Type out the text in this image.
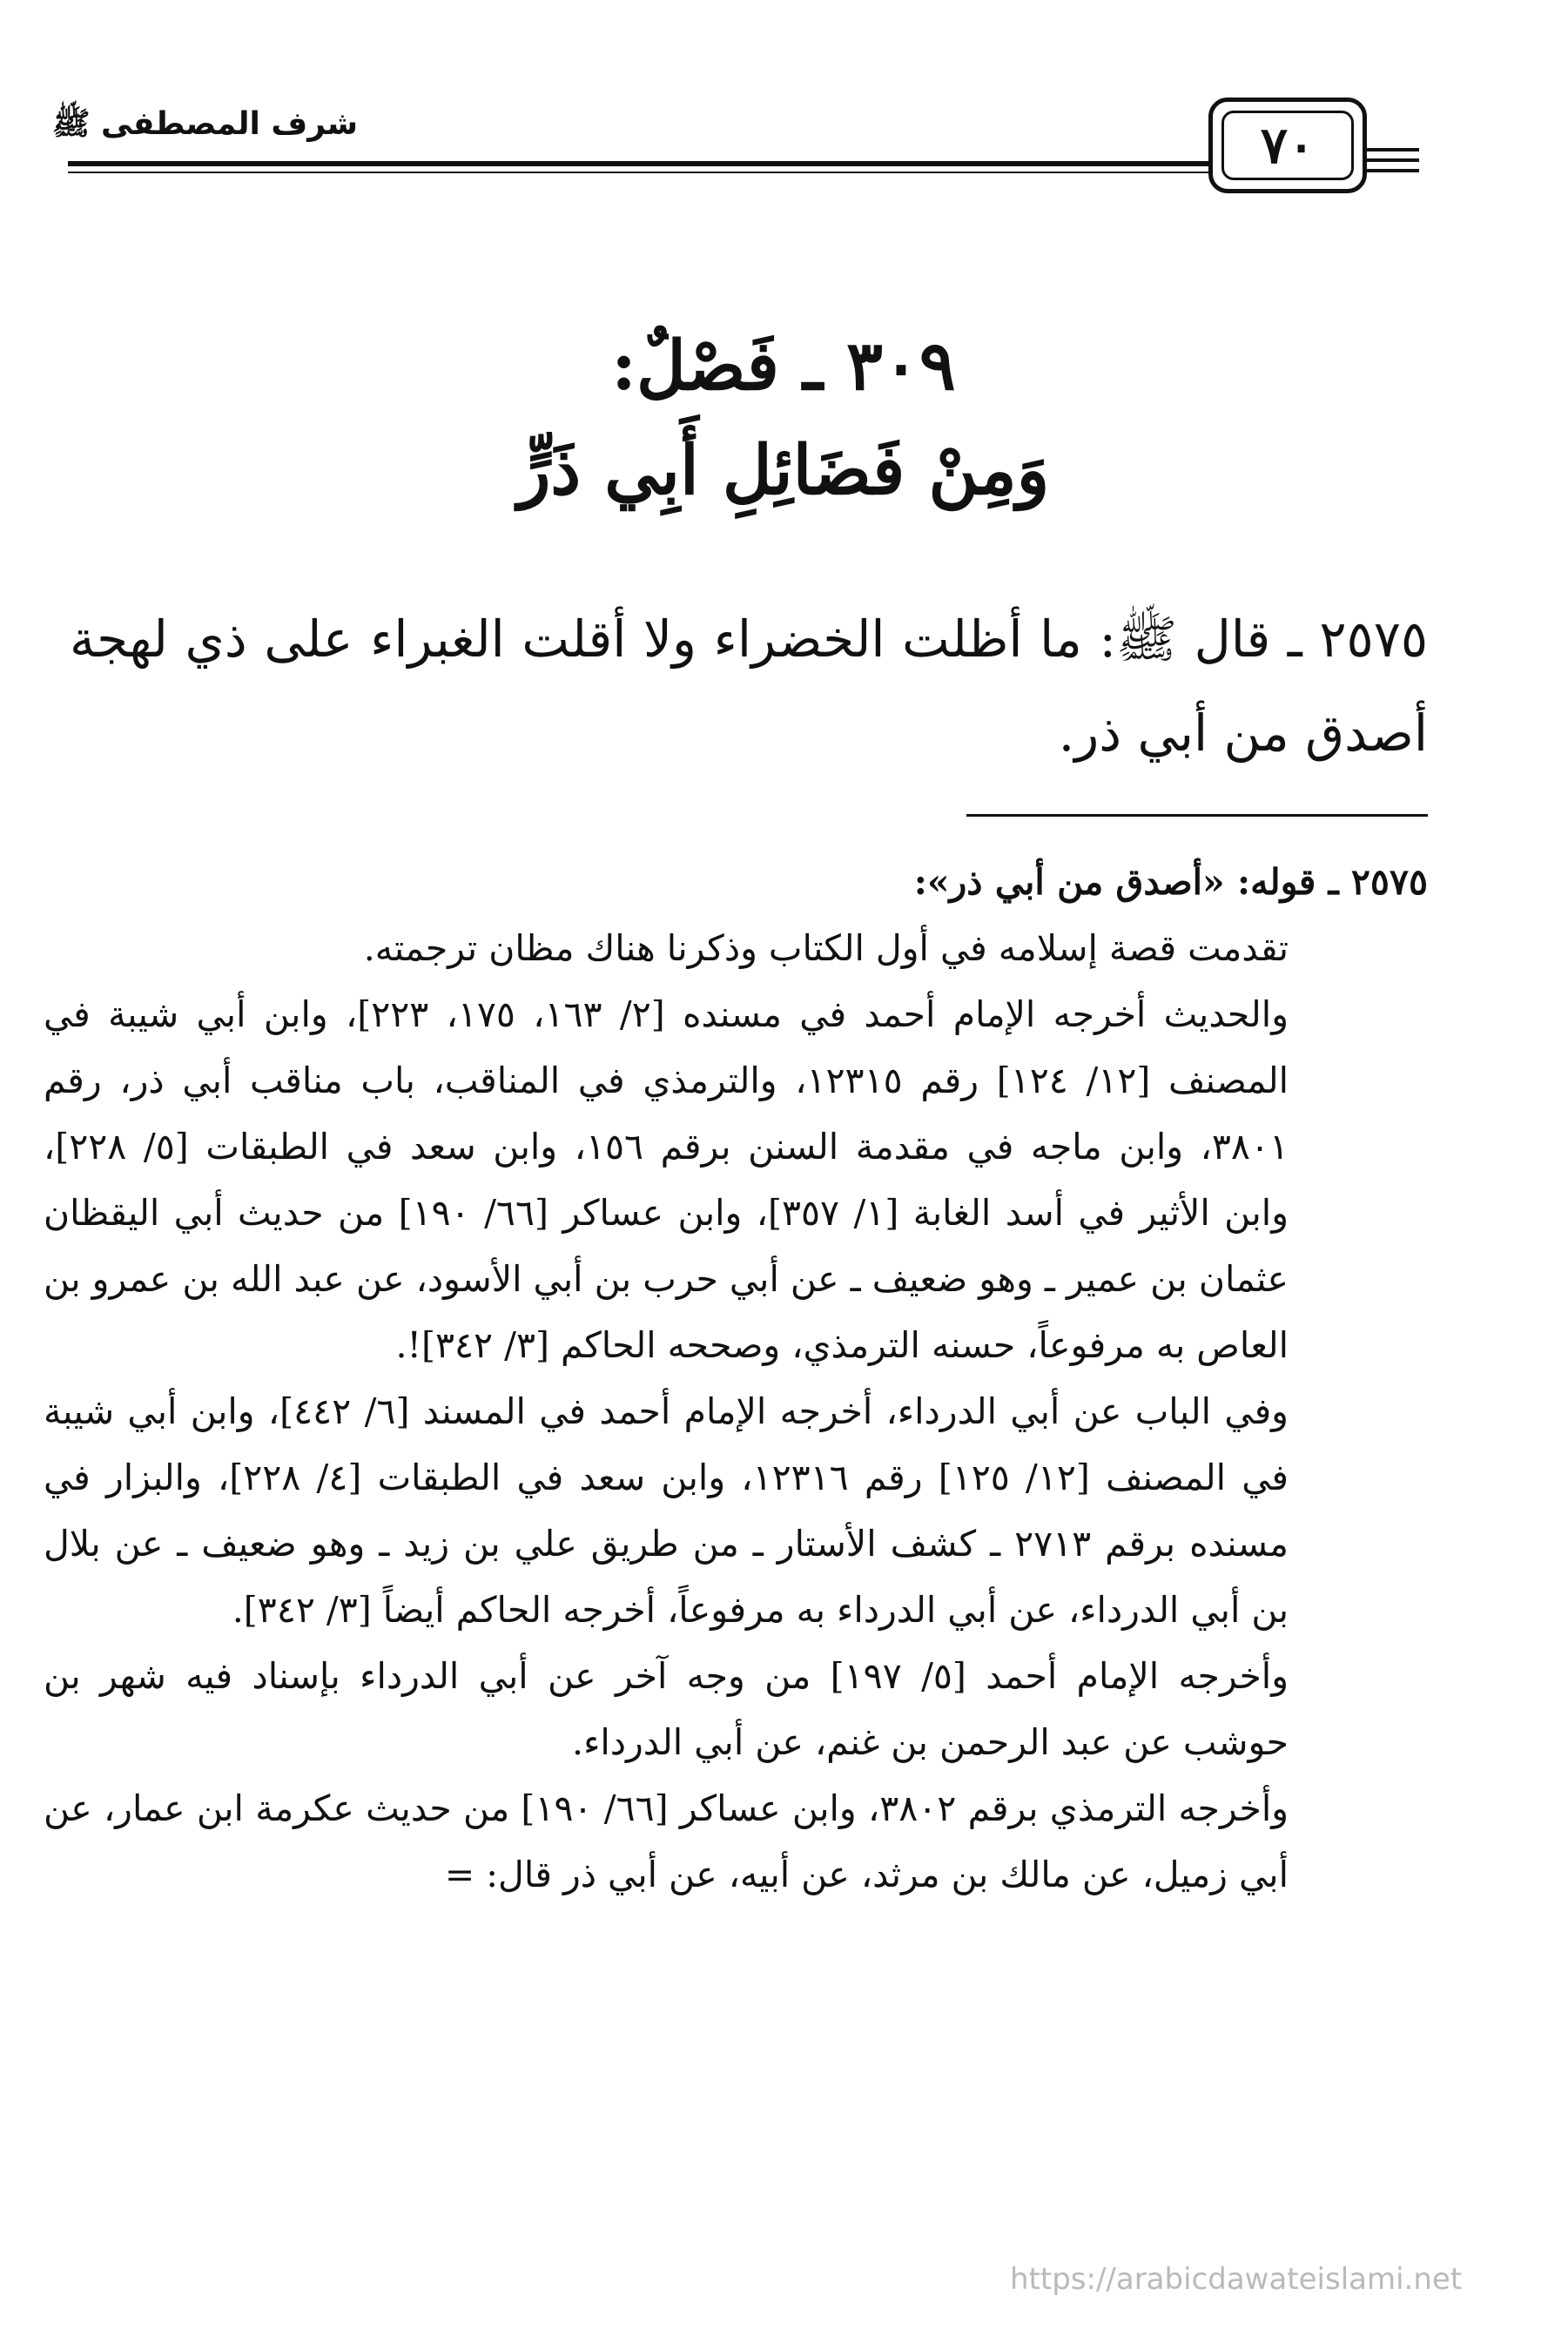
شرف المصطفى ﷺ	٧٠
٣٠٩ ـ فَصْلٌ:
وَمِنْ فَضَائِلِ أَبِي ذَرٍّ

٢٥٧٥ ـ قال ﷺ: ما أظلت الخضراء ولا أقلت الغبراء على ذي لهجة أصدق من أبي ذر.

٢٥٧٥ ـ قوله: «أصدق من أبي ذر»:

تقدمت قصة إسلامه في أول الكتاب وذكرنا هناك مظان ترجمته.

والحديث أخرجه الإمام أحمد في مسنده [٢/ ١٦٣، ١٧٥، ٢٢٣]، وابن أبي شيبة في المصنف [١٢/ ١٢٤] رقم ١٢٣١٥، والترمذي في المناقب، باب مناقب أبي ذر، رقم ٣٨٠١، وابن ماجه في مقدمة السنن برقم ١٥٦، وابن سعد في الطبقات [٥/ ٢٢٨]، وابن الأثير في أسد الغابة [١/ ٣٥٧]، وابن عساكر [٦٦/ ١٩٠] من حديث أبي اليقظان عثمان بن عمير ـ وهو ضعيف ـ عن أبي حرب بن أبي الأسود، عن عبد الله بن عمرو بن العاص به مرفوعاً، حسنه الترمذي، وصححه الحاكم [٣/ ٣٤٢]!.

وفي الباب عن أبي الدرداء، أخرجه الإمام أحمد في المسند [٦/ ٤٤٢]، وابن أبي شيبة في المصنف [١٢/ ١٢٥] رقم ١٢٣١٦، وابن سعد في الطبقات [٤/ ٢٢٨]، والبزار في مسنده برقم ٢٧١٣ ـ كشف الأستار ـ من طريق علي بن زيد ـ وهو ضعيف ـ عن بلال بن أبي الدرداء، عن أبي الدرداء به مرفوعاً، أخرجه الحاكم أيضاً [٣/ ٣٤٢].

وأخرجه الإمام أحمد [٥/ ١٩٧] من وجه آخر عن أبي الدرداء بإسناد فيه شهر بن حوشب عن عبد الرحمن بن غنم، عن أبي الدرداء.

وأخرجه الترمذي برقم ٣٨٠٢، وابن عساكر [٦٦/ ١٩٠] من حديث عكرمة ابن عمار، عن أبي زميل، عن مالك بن مرثد، عن أبيه، عن أبي ذر قال: =

https://arabicdawateislami.net
